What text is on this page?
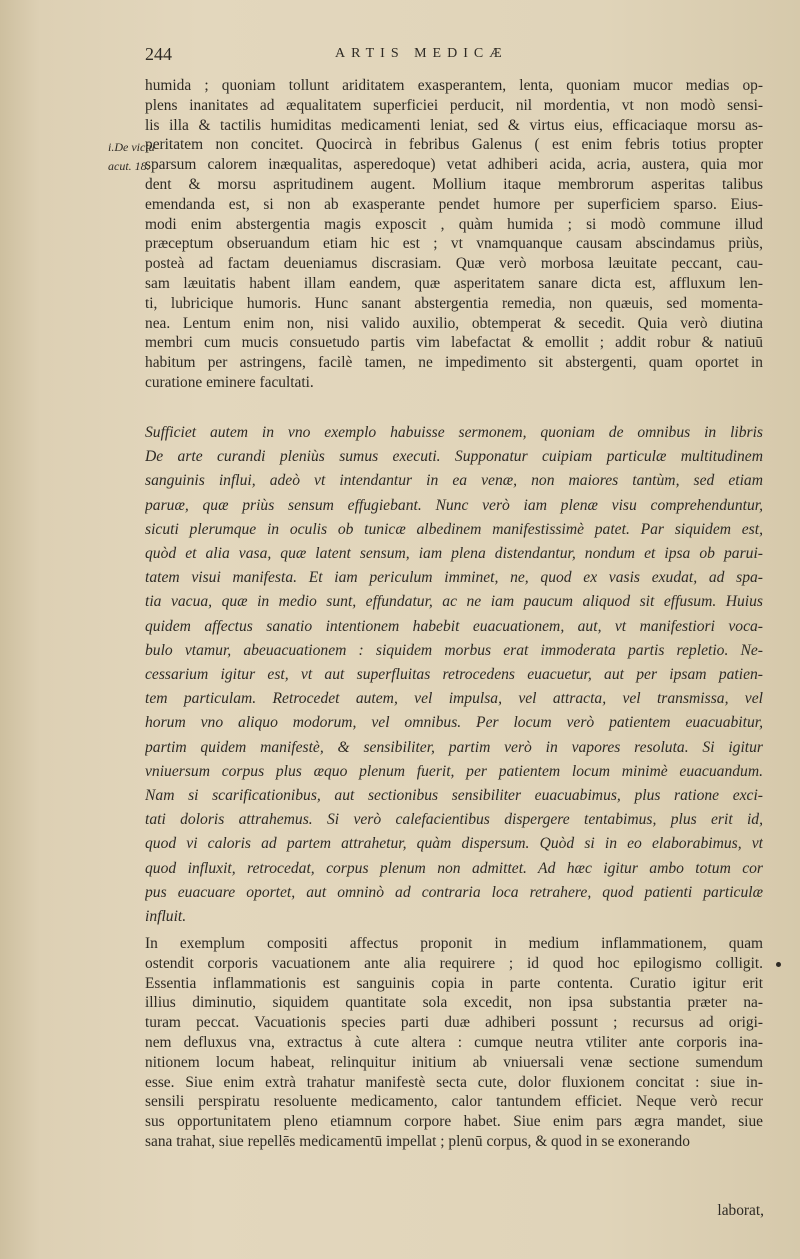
244	ARTIS MEDICÆ
i.De victu
acut. 18.
humida ; quoniam tollunt ariditatem exasperantem, lenta, quoniam mucor medias op-
plens inanitates ad æqualitatem superficiei perducit, nil mordentia, vt non modò sensi-
lis illa & tactilis humiditas medicamenti leniat, sed & virtus eius, efficaciaque morsu as-
peritatem non concitet. Quocircà in febribus Galenus ( est enim febris totius propter
sparsum calorem inæqualitas, asperedoque) vetat adhiberi acida, acria, austera, quia mor
dent & morsu aspritudinem augent. Mollium itaque membrorum asperitas talibus
emendanda est, si non ab exasperante pendet humore per superficiem sparso. Eius-
modi enim abstergentia magis exposcit , quàm humida ; si modò commune illud
præceptum obseruandum etiam hic est ; vt vnamquanque causam abscindamus priùs,
posteà ad factam deueniamus discrasiam. Quæ verò morbosa læuitate peccant, cau-
sam læuitatis habent illam eandem, quæ asperitatem sanare dicta est, affluxum len-
ti, lubricique humoris. Hunc sanant abstergentia remedia, non quæuis, sed momenta-
nea. Lentum enim non, nisi valido auxilio, obtemperat & secedit. Quia verò diutina
membri cum mucis consuetudo partis vim labefactat & emollit ; addit robur & natiuū
habitum per astringens, facilè tamen, ne impedimento sit abstergenti, quam oportet in
curatione eminere facultati.
Sufficiet autem in vno exemplo habuisse sermonem, quoniam de omnibus in libris
De arte curandi pleniùs sumus executi. Supponatur cuipiam particulæ multitudinem
sanguinis influi, adeò vt intendantur in ea venæ, non maiores tantùm, sed etiam
paruæ, quæ priùs sensum effugiebant. Nunc verò iam plenæ visu comprehenduntur,
sicuti plerumque in oculis ob tunicæ albedinem manifestissimè patet. Par siquidem est,
quòd et alia vasa, quæ latent sensum, iam plena distendantur, nondum et ipsa ob parui-
tatem visui manifesta. Et iam periculum imminet, ne, quod ex vasis exudat, ad spa-
tia vacua, quæ in medio sunt, effundatur, ac ne iam paucum aliquod sit effusum. Huius
quidem affectus sanatio intentionem habebit euacuationem, aut, vt manifestiori voca-
bulo vtamur, abeuacuationem : siquidem morbus erat immoderata partis repletio. Ne-
cessarium igitur est, vt aut superfluitas retrocedens euacuetur, aut per ipsam patien-
tem particulam. Retrocedet autem, vel impulsa, vel attracta, vel transmissa, vel
horum vno aliquo modorum, vel omnibus. Per locum verò patientem euacuabitur,
partim quidem manifestè, & sensibiliter, partim verò in vapores resoluta. Si igitur
vniuersum corpus plus æquo plenum fuerit, per patientem locum minimè euacuandum.
Nam si scarificationibus, aut sectionibus sensibiliter euacuabimus, plus ratione exci-
tati doloris attrahemus. Si verò calefacientibus dispergere tentabimus, plus erit id,
quod vi caloris ad partem attrahetur, quàm dispersum. Quòd si in eo elaborabimus, vt
quod influxit, retrocedat, corpus plenum non admittet. Ad hæc igitur ambo totum cor
pus euacuare oportet, aut omninò ad contraria loca retrahere, quod patienti particulæ
influit.
In exemplum compositi affectus proponit in medium inflammationem, quam
ostendit corporis vacuationem ante alia requirere ; id quod hoc epilogismo colligit.
Essentia inflammationis est sanguinis copia in parte contenta. Curatio igitur erit
illius diminutio, siquidem quantitate sola excedit, non ipsa substantia præter na-
turam peccat. Vacuationis species parti duæ adhiberi possunt ; recursus ad origi-
nem defluxus vna, extractus à cute altera : cumque neutra vtiliter ante corporis ina-
nitionem locum habeat, relinquitur initium ab vniuersali venæ sectione sumendum
esse. Siue enim extrà trahatur manifestè secta cute, dolor fluxionem concitat : siue in-
sensili perspiratu resoluente medicamento, calor tantundem efficiet. Neque verò recur
sus opportunitatem pleno etiamnum corpore habet. Siue enim pars ægra mandet, siue
sana trahat, siue repellēs medicamentū impellat ; plenū corpus, & quod in se exonerando
laborat,
